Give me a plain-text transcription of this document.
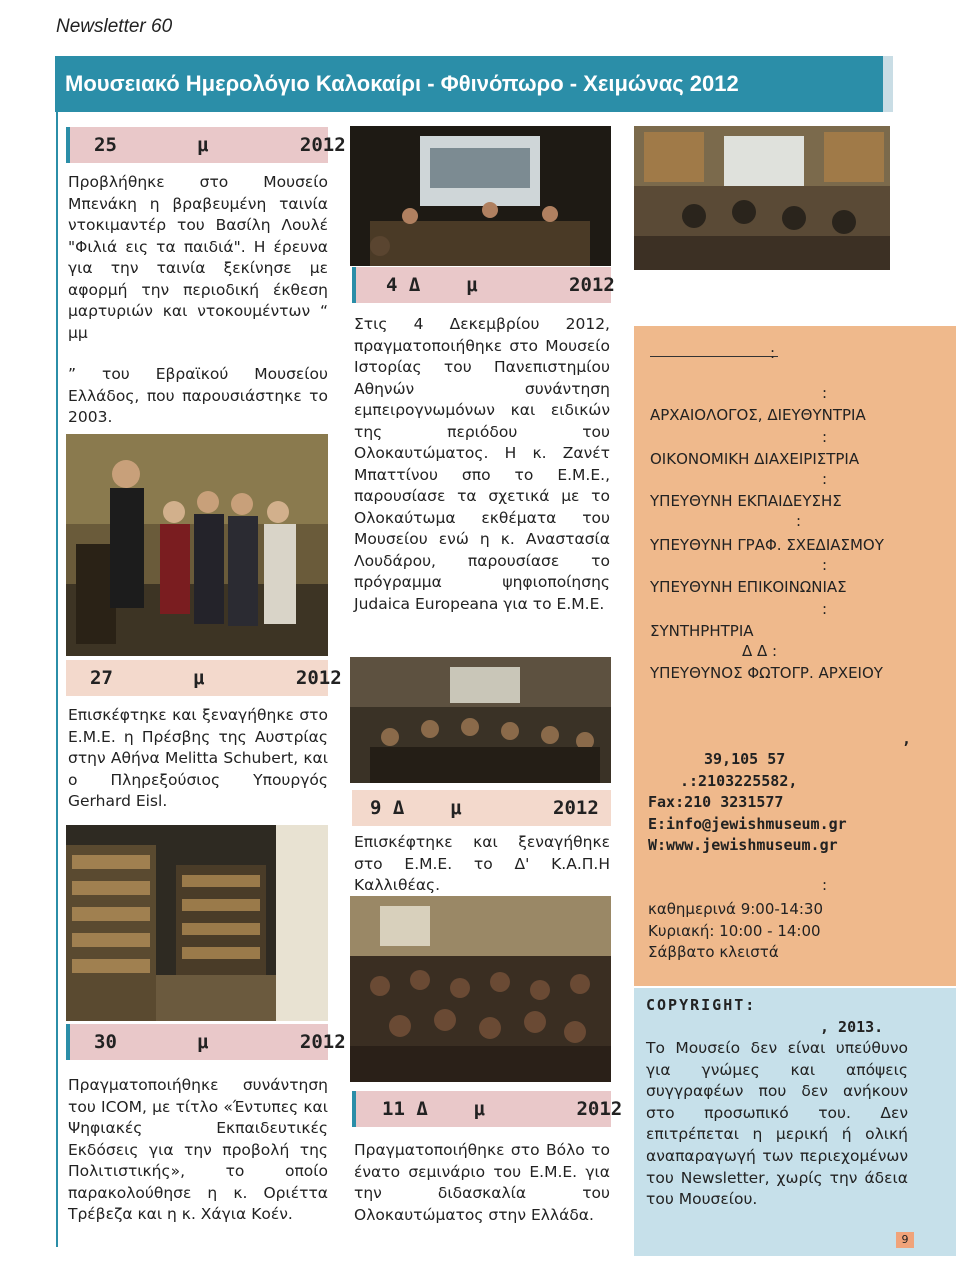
Newsletter 60
Μουσειακό Ημερολόγιο Καλοκαίρι - Φθινόπωρο - Χειμώνας 2012
25       μ        2012
Προβλήθηκε στο Μουσείο Μπενάκη η βραβευμένη ταινία ντοκιμαντέρ του Βασίλη Λουλέ "Φιλιά εις τα παιδιά". Η έρευνα για την ταινία ξεκίνησε με αφορμή την περιοδική έκθεση μαρτυριών και ντοκουμέντων “ μμ
” του Εβραϊκού Μουσείου Ελλάδος, που παρουσιάστηκε το 2003.
27       μ        2012
Επισκέφτηκε και ξεναγήθηκε στο Ε.Μ.Ε. η Πρέσβης της Αυστρίας στην Αθήνα Melitta Schubert, και ο Πληρεξούσιος Υπουργός Gerhard Eisl.
30       μ        2012
Πραγματοποιήθηκε συνάντηση του ICOM, με τίτλο «Έντυπες και Ψηφιακές Εκπαιδευτικές Εκδόσεις για την προβολή της Πολιτιστικής», το οποίο παρακολούθησε η κ. Οριέττα Τρέβεζα και η κ. Χάγια Κοέν.
4 Δ    μ        2012
Στις 4 Δεκεμβρίου 2012, πραγματοποιήθηκε στο Μουσείο Ιστορίας του Πανεπιστημίου Αθηνών συνάντηση εμπειρογνωμόνων και ειδικών της περιόδου του Ολοκαυτώματος. Η κ. Ζανέτ Μπαττίνου σπο το Ε.Μ.Ε., παρουσίασε τα σχετικά με το Ολοκαύτωμα εκθέματα του Μουσείου ενώ η κ. Αναστασία Λουδάρου, παρουσίασε το πρόγραμμα ψηφιοποίησης Judaica Europeana για το Ε.Μ.Ε.
9 Δ    μ        2012
Επισκέφτηκε και ξεναγήθηκε στο Ε.Μ.Ε. το Δ' Κ.Α.Π.Η Καλλιθέας.
11 Δ    μ        2012
Πραγματοποιήθηκε στο Βόλο το ένατο σεμινάριο του Ε.Μ.Ε. για την διδασκαλία του Ολοκαυτώματος στην Ελλάδα.
:
:
ΑΡΧΑΙΟΛΟΓΟΣ, ΔΙΕΥΘΥΝΤΡΙΑ
:
ΟΙΚΟΝΟΜΙΚΗ ΔΙΑΧΕΙΡΙΣΤΡΙΑ
:
ΥΠΕΥΘΥΝΗ ΕΚΠΑΙΔΕΥΣΗΣ
:
ΥΠΕΥΘΥΝΗ ΓΡΑΦ. ΣΧΕΔΙΑΣΜΟΥ
:
ΥΠΕΥΘΥΝΗ ΕΠΙΚΟΙΝΩΝΙΑΣ
:
ΣΥΝΤΗΡΗΤΡΙΑ
Δ Δ :
ΥΠΕΥΘΥΝΟΣ ΦΩΤΟΓΡ. ΑΡΧΕΙΟΥ
,
39,105 57
.:2103225582,
Fax:210 3231577
E:info@jewishmuseum.gr
W:www.jewishmuseum.gr
:
καθημερινά 9:00-14:30
Κυριακή: 10:00 - 14:00
Σάββατο κλειστά
COPYRIGHT:
, 2013.
Το Μουσείο δεν είναι υπεύθυνο για γνώμες και απόψεις συγγραφέων που δεν ανήκουν στο προσωπικό του. Δεν επιτρέπεται η μερική ή ολική αναπαραγωγή των περιεχομένων του Newsletter, χωρίς την άδεια του Μουσείου.
9
